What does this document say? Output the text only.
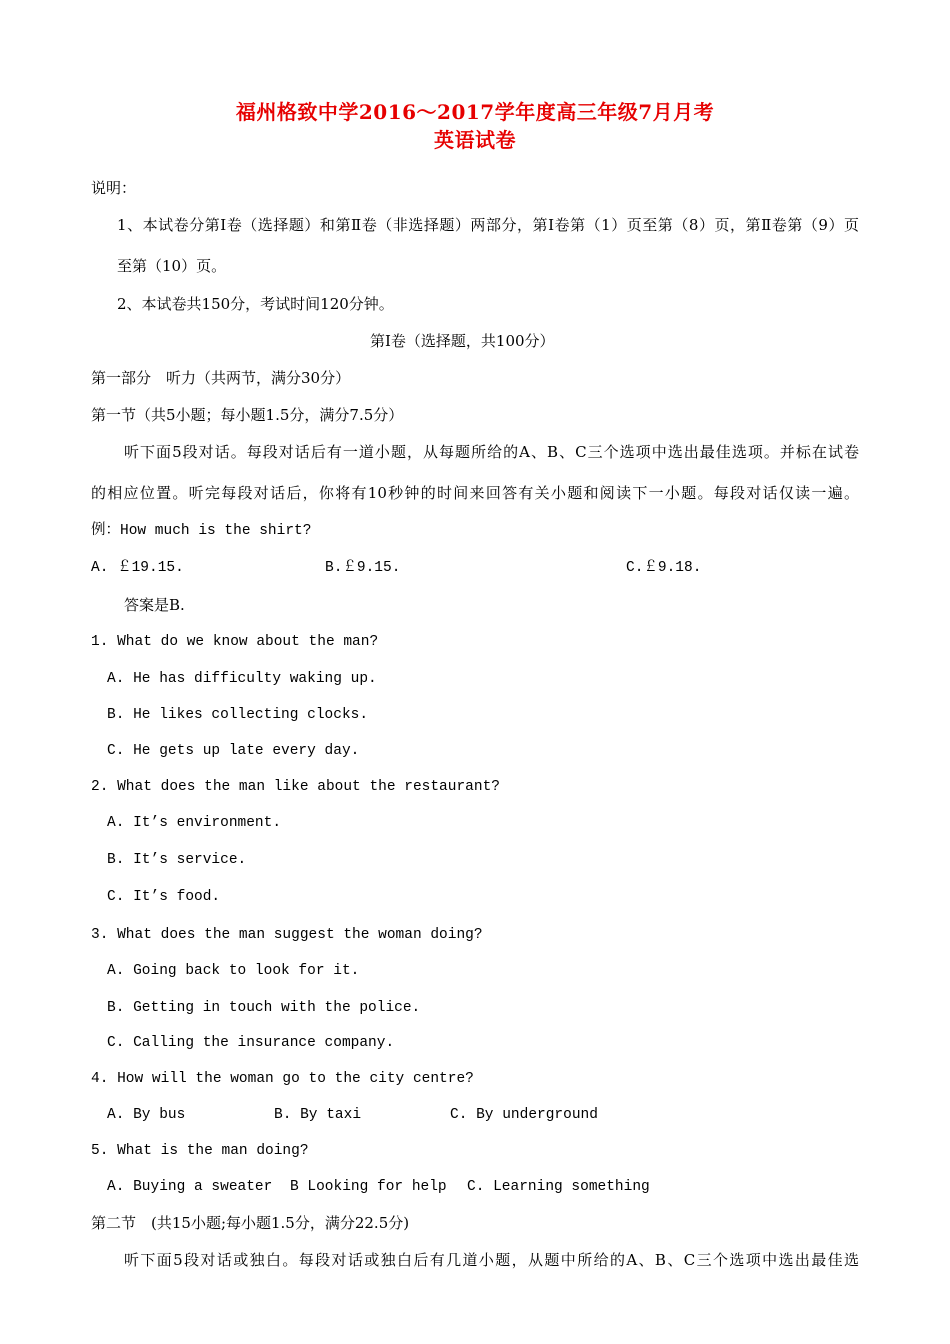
福州格致中学2016～2017学年度高三年级7月月考
英语试卷
说明：
1、本试卷分第Ⅰ卷（选择题）和第Ⅱ卷（非选择题）两部分，第Ⅰ卷第（1）页至第（8）页，第Ⅱ卷第（9）页
至第（10）页。
2、本试卷共150分，考试时间120分钟。
第Ⅰ卷（选择题，共100分）
第一部分　听力（共两节，满分30分）
第一节（共5小题；每小题1.5分，满分7.5分）
听下面5段对话。每段对话后有一道小题，从每题所给的A、B、C三个选项中选出最佳选项。并标在试卷
的相应位置。听完每段对话后，你将有10秒钟的时间来回答有关小题和阅读下一小题。每段对话仅读一遍。
例：How much is the shirt?
A. ￡19.15.	B.￡9.15.	C.￡9.18.
答案是B.
1. What do we know about the man?
A. He has difficulty waking up.
B. He likes collecting clocks.
C. He gets up late every day.
2. What does the man like about the restaurant?
A. It’s environment.
B. It’s service.
C. It’s food.
3. What does the man suggest the woman doing?
A. Going back to look for it.
B. Getting in touch with the police.
C. Calling the insurance company.
4. How will the woman go to the city centre?
A. By bus	B. By taxi	C. By underground
5. What is the man doing?
A. Buying a sweater B Looking for help C. Learning something
第二节　(共15小题;每小题1.5分，满分22.5分)
听下面5段对话或独白。每段对话或独白后有几道小题，从题中所给的A、B、C三个选项中选出最佳选
